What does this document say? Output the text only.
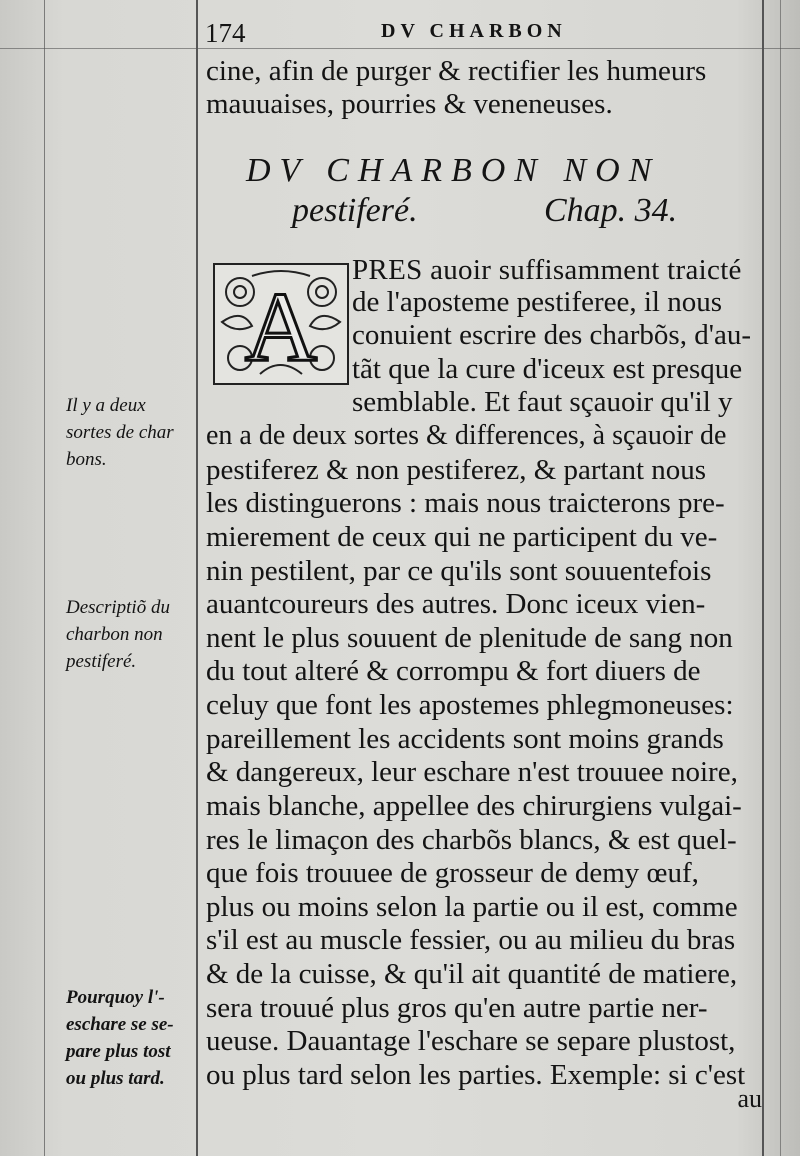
174	DV CHARBON
cine, afin de purger & rectifier les humeurs
mauuaises, pourries & veneneuses.
DV CHARBON NON
pestiferé.	Chap. 34.
A
PRES auoir suffisamment traicté
de l'aposteme pestiferee, il nous
conuient escrire des charbõs, d'au-
tãt que la cure d'iceux est presque
semblable. Et faut sçauoir qu'il y
en a de deux sortes & differences, à sçauoir de
pestiferez & non pestiferez, & partant nous
les distinguerons : mais nous traicterons pre-
mierement de ceux qui ne participent du ve-
nin pestilent, par ce qu'ils sont souuentefois
auantcoureurs des autres. Donc iceux vien-
nent le plus souuent de plenitude de sang non
du tout alteré & corrompu & fort diuers de
celuy que font les apostemes phlegmoneuses:
pareillement les accidents sont moins grands
& dangereux, leur eschare n'est trouuee noire,
mais blanche, appellee des chirurgiens vulgai-
res le limaçon des charbõs blancs, & est quel-
que fois trouuee de grosseur de demy œuf,
plus ou moins selon la partie ou il est, comme
s'il est au muscle fessier, ou au milieu du bras
& de la cuisse, & qu'il ait quantité de matiere,
sera trouué plus gros qu'en autre partie ner-
ueuse. Dauantage l'eschare se separe plustost,
ou plus tard selon les parties. Exemple: si c'est
au
Il y a deux
sortes de char
bons.
Descriptiõ du
charbon non
pestiferé.
Pourquoy l'-
eschare se se-
pare plus tost
ou plus tard.
